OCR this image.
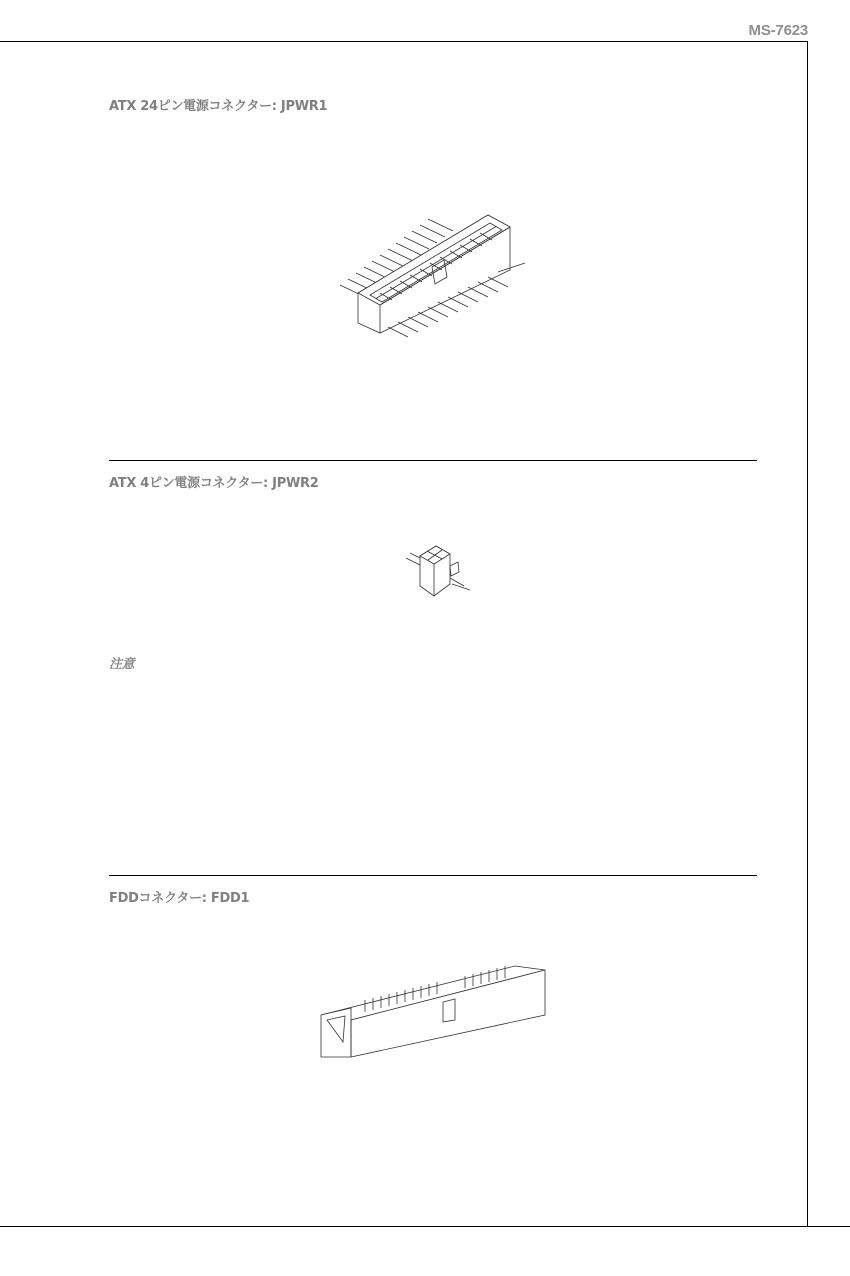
MS-7623
ATX 24ピン電源コネクター: JPWR1
ATX 4ピン電源コネクター: JPWR2
注意
FDDコネクター: FDD1
